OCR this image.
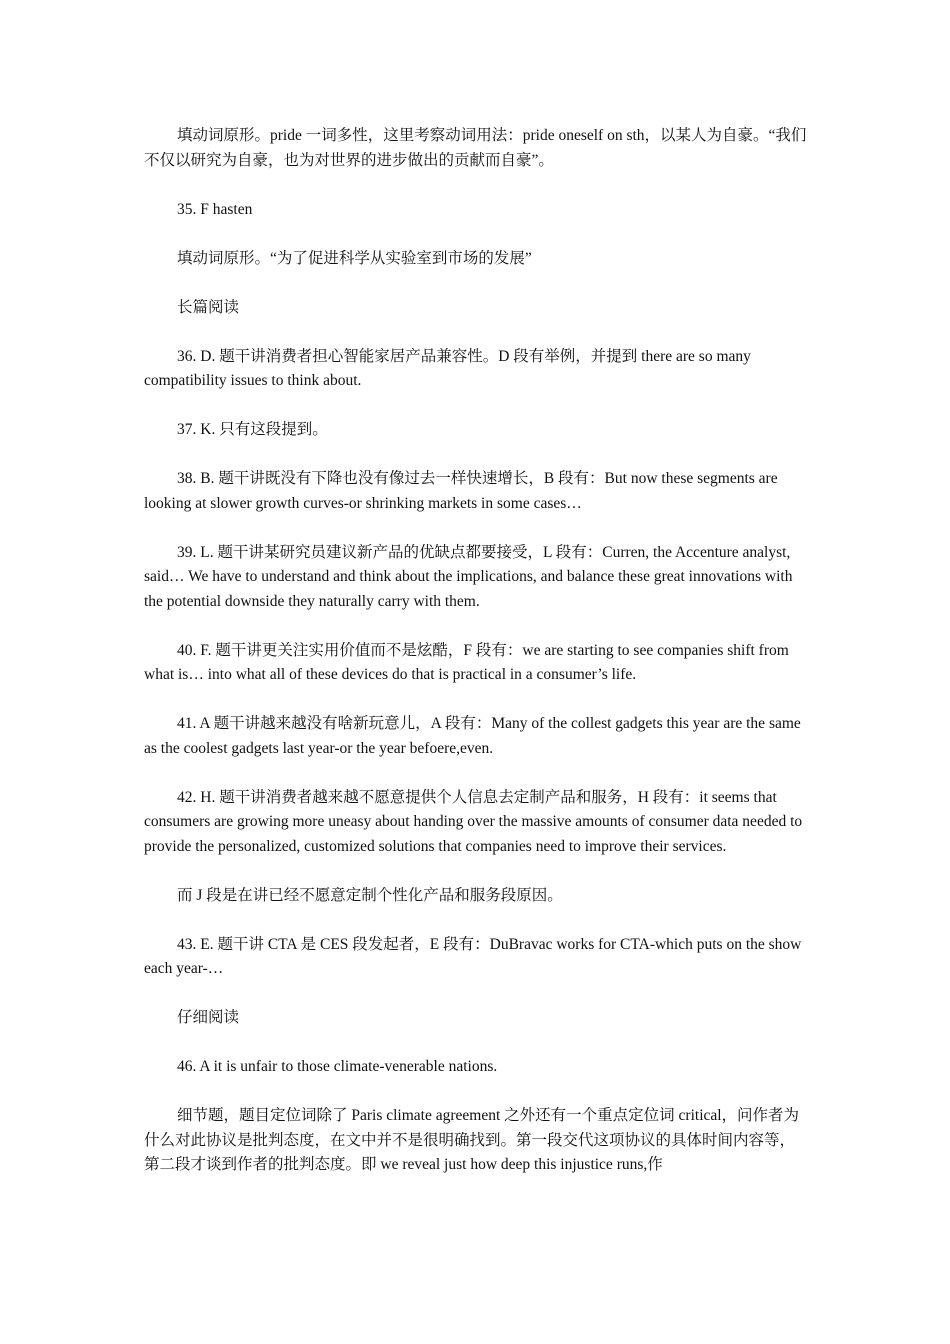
填动词原形。pride 一词多性，这里考察动词用法：pride oneself on sth，以某人为自豪。“我们不仅以研究为自豪，也为对世界的进步做出的贡献而自豪”。

35. F hasten

填动词原形。“为了促进科学从实验室到市场的发展”

长篇阅读

36. D. 题干讲消费者担心智能家居产品兼容性。D 段有举例，并提到 there are so many compatibility issues to think about.

37. K. 只有这段提到。

38. B. 题干讲既没有下降也没有像过去一样快速增长，B 段有：But now these segments are looking at slower growth curves-or shrinking markets in some cases…

39. L. 题干讲某研究员建议新产品的优缺点都要接受，L 段有：Curren, the Accenture analyst, said… We have to understand and think about the implications, and balance these great innovations with the potential downside they naturally carry with them.

40. F. 题干讲更关注实用价值而不是炫酷，F 段有：we are starting to see companies shift from what is… into what all of these devices do that is practical in a consumer’s life.

41. A 题干讲越来越没有啥新玩意儿，A 段有：Many of the collest gadgets this year are the same as the coolest gadgets last year-or the year befoere,even.

42. H. 题干讲消费者越来越不愿意提供个人信息去定制产品和服务，H 段有：it seems that consumers are growing more uneasy about handing over the massive amounts of consumer data needed to provide the personalized, customized solutions that companies need to improve their services.

而 J 段是在讲已经不愿意定制个性化产品和服务段原因。

43. E. 题干讲 CTA 是 CES 段发起者，E 段有：DuBravac works for CTA-which puts on the show each year-…

仔细阅读

46. A it is unfair to those climate-venerable nations.

细节题，题目定位词除了 Paris climate agreement 之外还有一个重点定位词 critical，问作者为什么对此协议是批判态度，在文中并不是很明确找到。第一段交代这项协议的具体时间内容等，第二段才谈到作者的批判态度。即 we reveal just how deep this injustice runs,作
